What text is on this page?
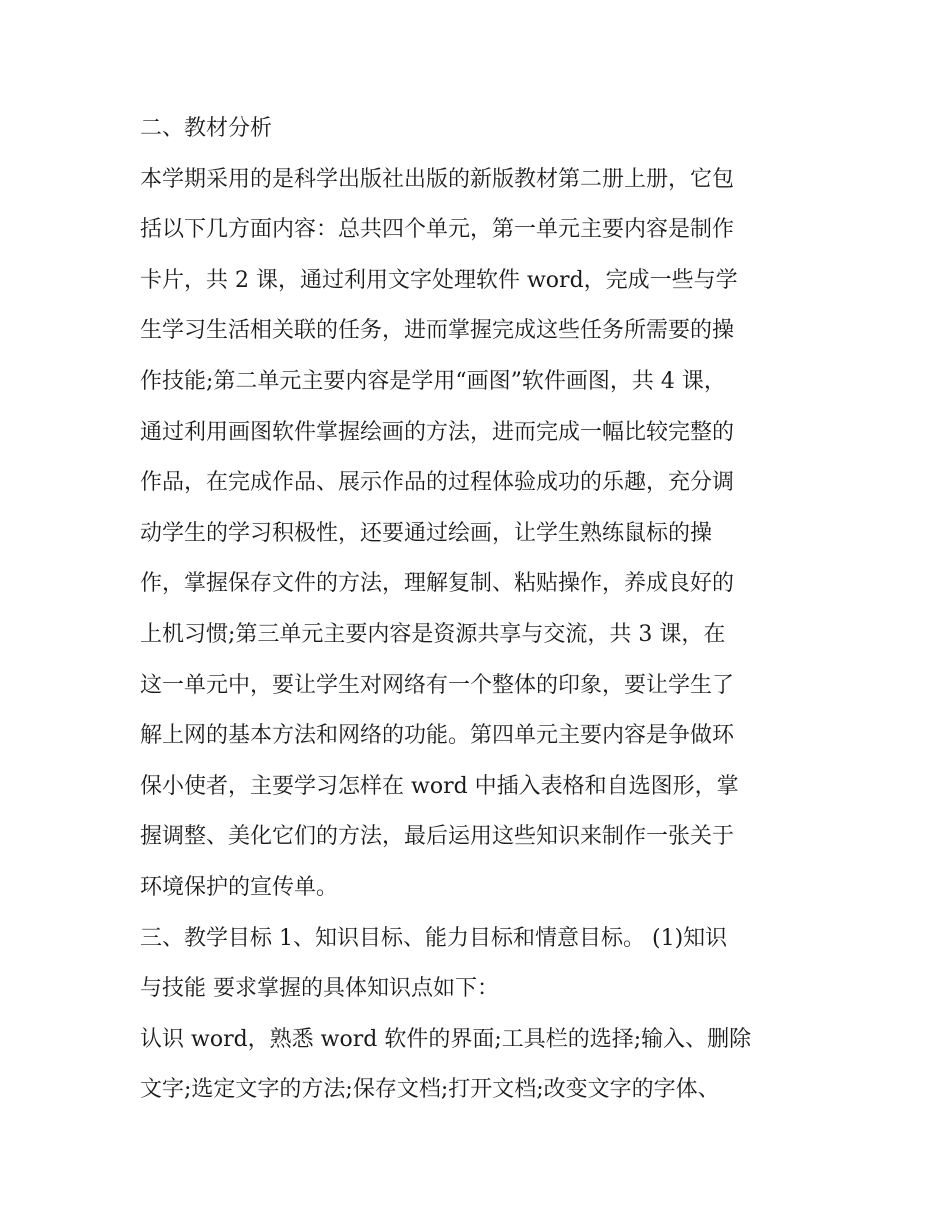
二、教材分析
本学期采用的是科学出版社出版的新版教材第二册上册，它包
括以下几方面内容：总共四个单元，第一单元主要内容是制作
卡片，共 2 课，通过利用文字处理软件 word，完成一些与学
生学习生活相关联的任务，进而掌握完成这些任务所需要的操
作技能;第二单元主要内容是学用“画图”软件画图，共 4 课，
通过利用画图软件掌握绘画的方法，进而完成一幅比较完整的
作品，在完成作品、展示作品的过程体验成功的乐趣，充分调
动学生的学习积极性，还要通过绘画，让学生熟练鼠标的操
作，掌握保存文件的方法，理解复制、粘贴操作，养成良好的
上机习惯;第三单元主要内容是资源共享与交流，共 3 课，在
这一单元中，要让学生对网络有一个整体的印象，要让学生了
解上网的基本方法和网络的功能。第四单元主要内容是争做环
保小使者，主要学习怎样在 word 中插入表格和自选图形，掌
握调整、美化它们的方法，最后运用这些知识来制作一张关于
环境保护的宣传单。
三、教学目标 1、知识目标、能力目标和情意目标。 (1)知识
与技能 要求掌握的具体知识点如下：
认识 word，熟悉 word 软件的界面;工具栏的选择;输入、删除
文字;选定文字的方法;保存文档;打开文档;改变文字的字体、
